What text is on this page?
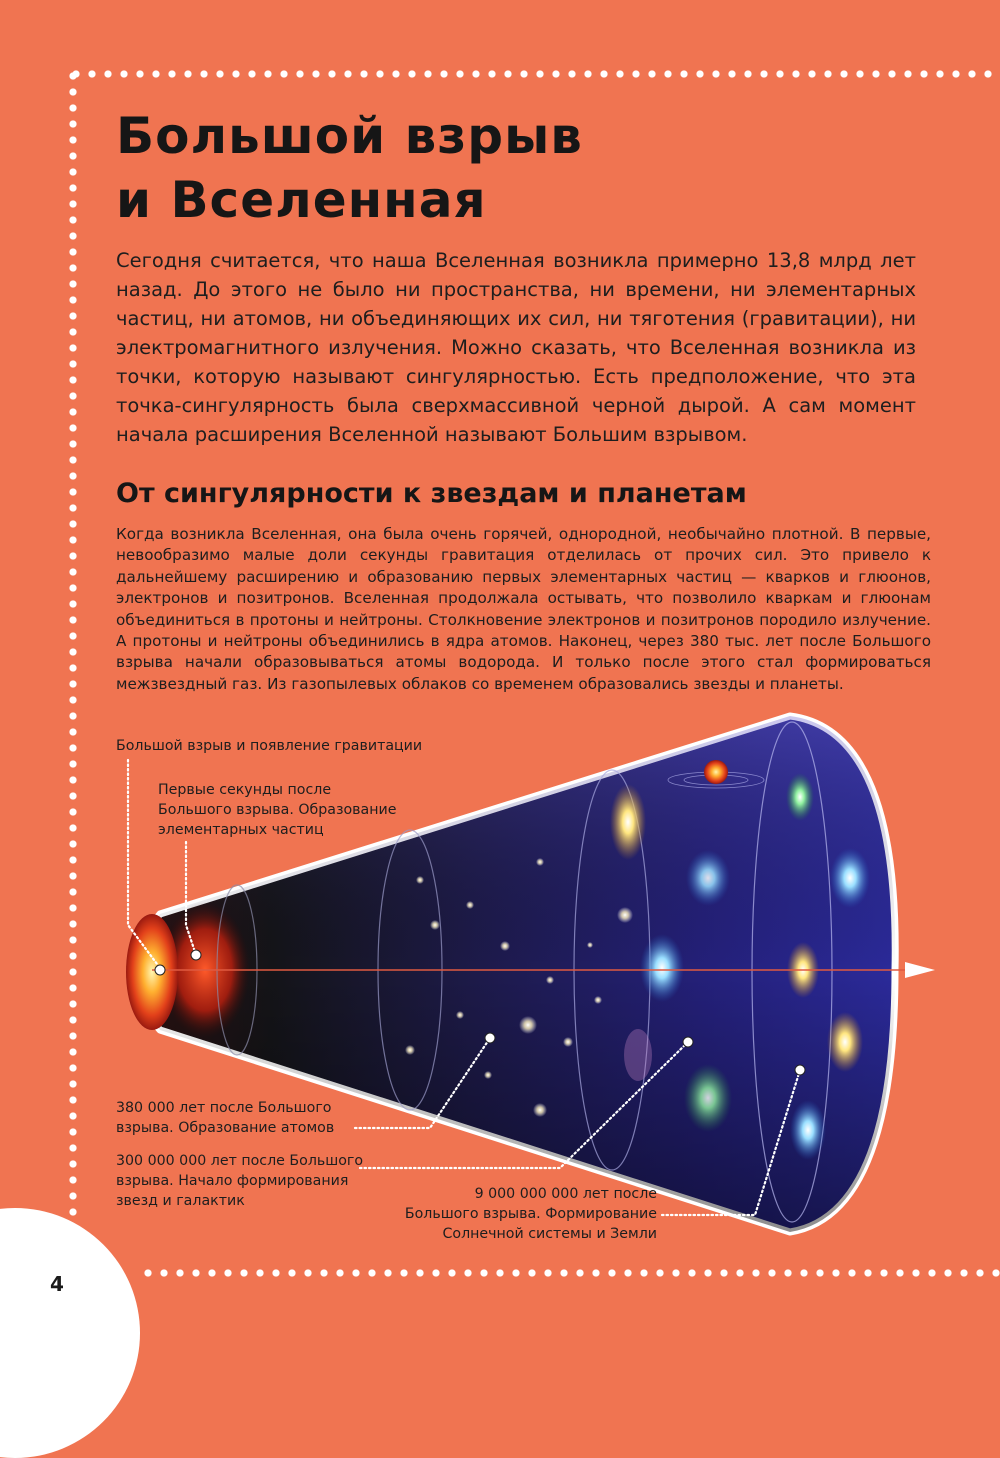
Большой взрыв
и Вселенная

Сегодня считается, что наша Вселенная возникла примерно 13,8 млрд лет назад. До этого не было ни пространства, ни времени, ни элементарных частиц, ни атомов, ни объединяющих их сил, ни тяготения (гравитации), ни электромагнитного излучения. Можно сказать, что Вселенная возникла из точки, которую называют сингулярностью. Есть предположение, что эта точка-сингулярность была сверхмассивной черной дырой. А сам момент начала расширения Вселенной называют Большим взрывом.

От сингулярности к звездам и планетам

Когда возникла Вселенная, она была очень горячей, однородной, необычайно плотной. В первые, невообразимо малые доли секунды гравитация отделилась от прочих сил. Это привело к дальнейшему расширению и образованию первых элементарных частиц — кварков и глюонов, электронов и позитронов. Вселенная продолжала остывать, что позволило кваркам и глюонам объединиться в протоны и нейтроны. Столкновение электронов и позитронов породило излучение. А протоны и нейтроны объединились в ядра атомов. Наконец, через 380 тыс. лет после Большого взрыва начали образовываться атомы водорода. И только после этого стал формироваться межзвездный газ. Из газопылевых облаков со временем образовались звезды и планеты.

Большой взрыв и появление гравитации

Первые секунды после
Большого взрыва. Образование
элементарных частиц
380 000 лет после Большого
взрыва. Образование атомов
300 000 000 лет после Большого
взрыва. Начало формирования
звезд и галактик	9 000 000 000 лет после
Большого взрыва. Формирование
Солнечной системы и Земли

4
